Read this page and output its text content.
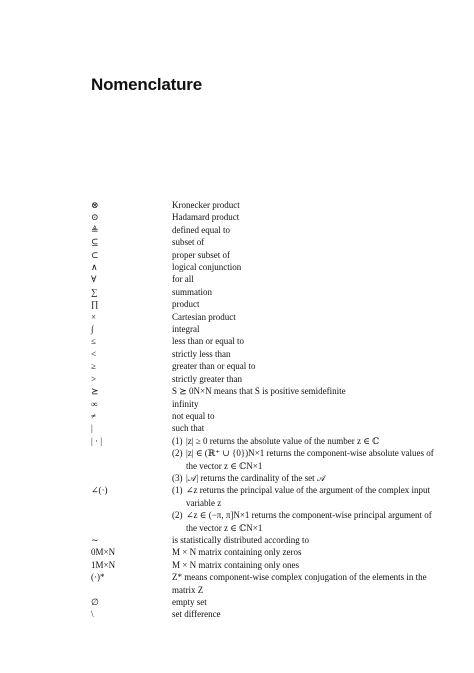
Nomenclature
⊗	Kronecker product
⊙	Hadamard product
≜	defined equal to
⊆	subset of
⊂	proper subset of
∧	logical conjunction
∀	for all
∑	summation
∏	product
×	Cartesian product
∫	integral
≤	less than or equal to
<	strictly less than
≥	greater than or equal to
>	strictly greater than
⪰	S ⪰ 0N×N means that S is positive semidefinite
∞	infinity
≠	not equal to
|	such that
| · |	(1) |z| ≥ 0 returns the absolute value of the number z ∈ ℂ
(2) |z| ∈ (ℝ⁺ ∪ {0})N×1 returns the component-wise absolute values of the vector z ∈ ℂN×1
(3) |𝒜| returns the cardinality of the set 𝒜
∠(·)	(1) ∠z returns the principal value of the argument of the complex input variable z
(2) ∠z ∈ (−π, π]N×1 returns the component-wise principal argument of the vector z ∈ ℂN×1
∼	is statistically distributed according to
0M×N	M × N matrix containing only zeros
1M×N	M × N matrix containing only ones
(·)*	Z* means component-wise complex conjugation of the elements in the matrix Z
∅	empty set
\	set difference
